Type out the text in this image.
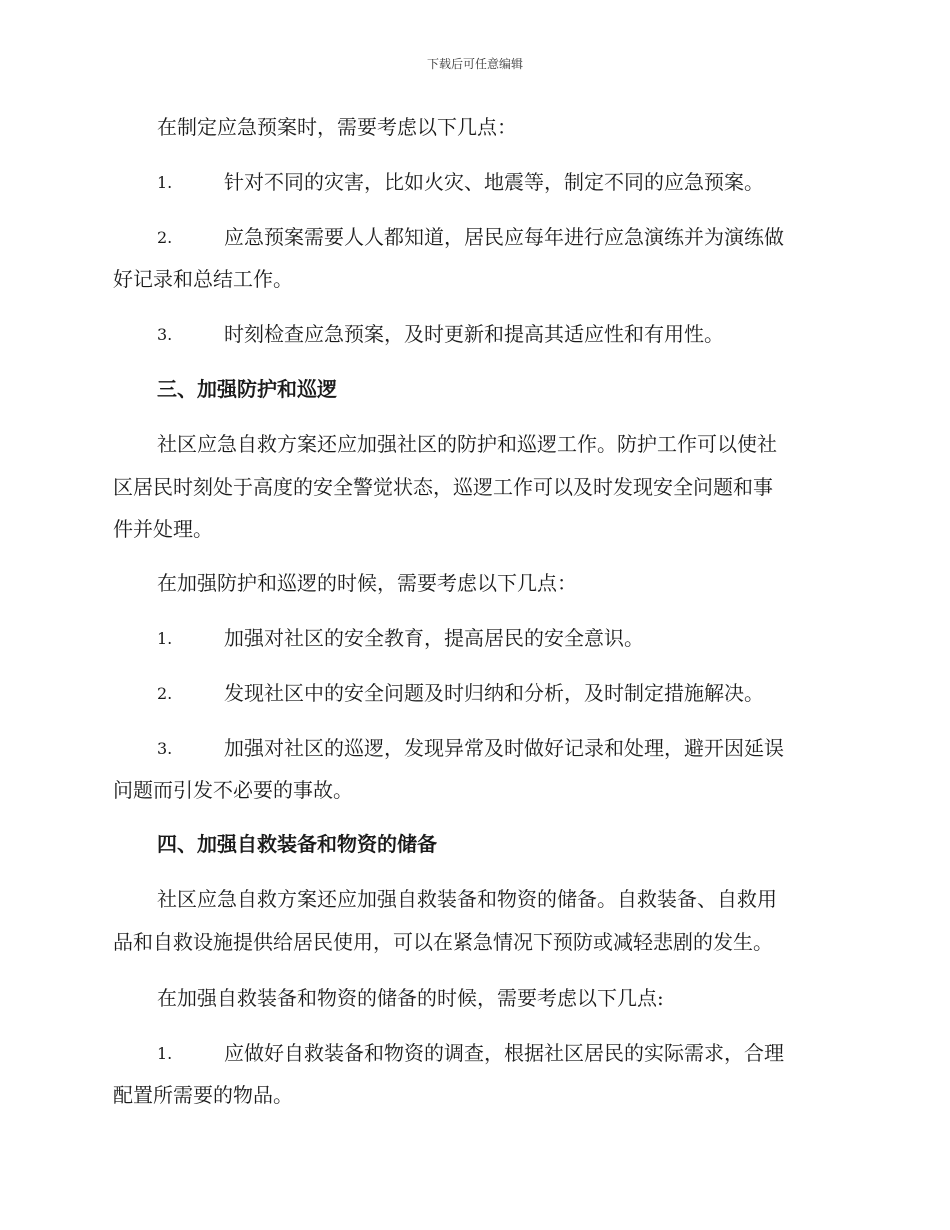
下载后可任意编辑
在制定应急预案时，需要考虑以下几点：
1.	针对不同的灾害，比如火灾、地震等，制定不同的应急预案。
2.	应急预案需要人人都知道，居民应每年进行应急演练并为演练做
好记录和总结工作。
3.	时刻检查应急预案，及时更新和提高其适应性和有用性。
三、加强防护和巡逻
社区应急自救方案还应加强社区的防护和巡逻工作。防护工作可以使社
区居民时刻处于高度的安全警觉状态，巡逻工作可以及时发现安全问题和事
件并处理。
在加强防护和巡逻的时候，需要考虑以下几点：
1.	加强对社区的安全教育，提高居民的安全意识。
2.	发现社区中的安全问题及时归纳和分析，及时制定措施解决。
3.	加强对社区的巡逻，发现异常及时做好记录和处理，避开因延误
问题而引发不必要的事故。
四、加强自救装备和物资的储备
社区应急自救方案还应加强自救装备和物资的储备。自救装备、自救用
品和自救设施提供给居民使用，可以在紧急情况下预防或减轻悲剧的发生。
在加强自救装备和物资的储备的时候，需要考虑以下几点:
1.	应做好自救装备和物资的调查，根据社区居民的实际需求，合理
配置所需要的物品。
